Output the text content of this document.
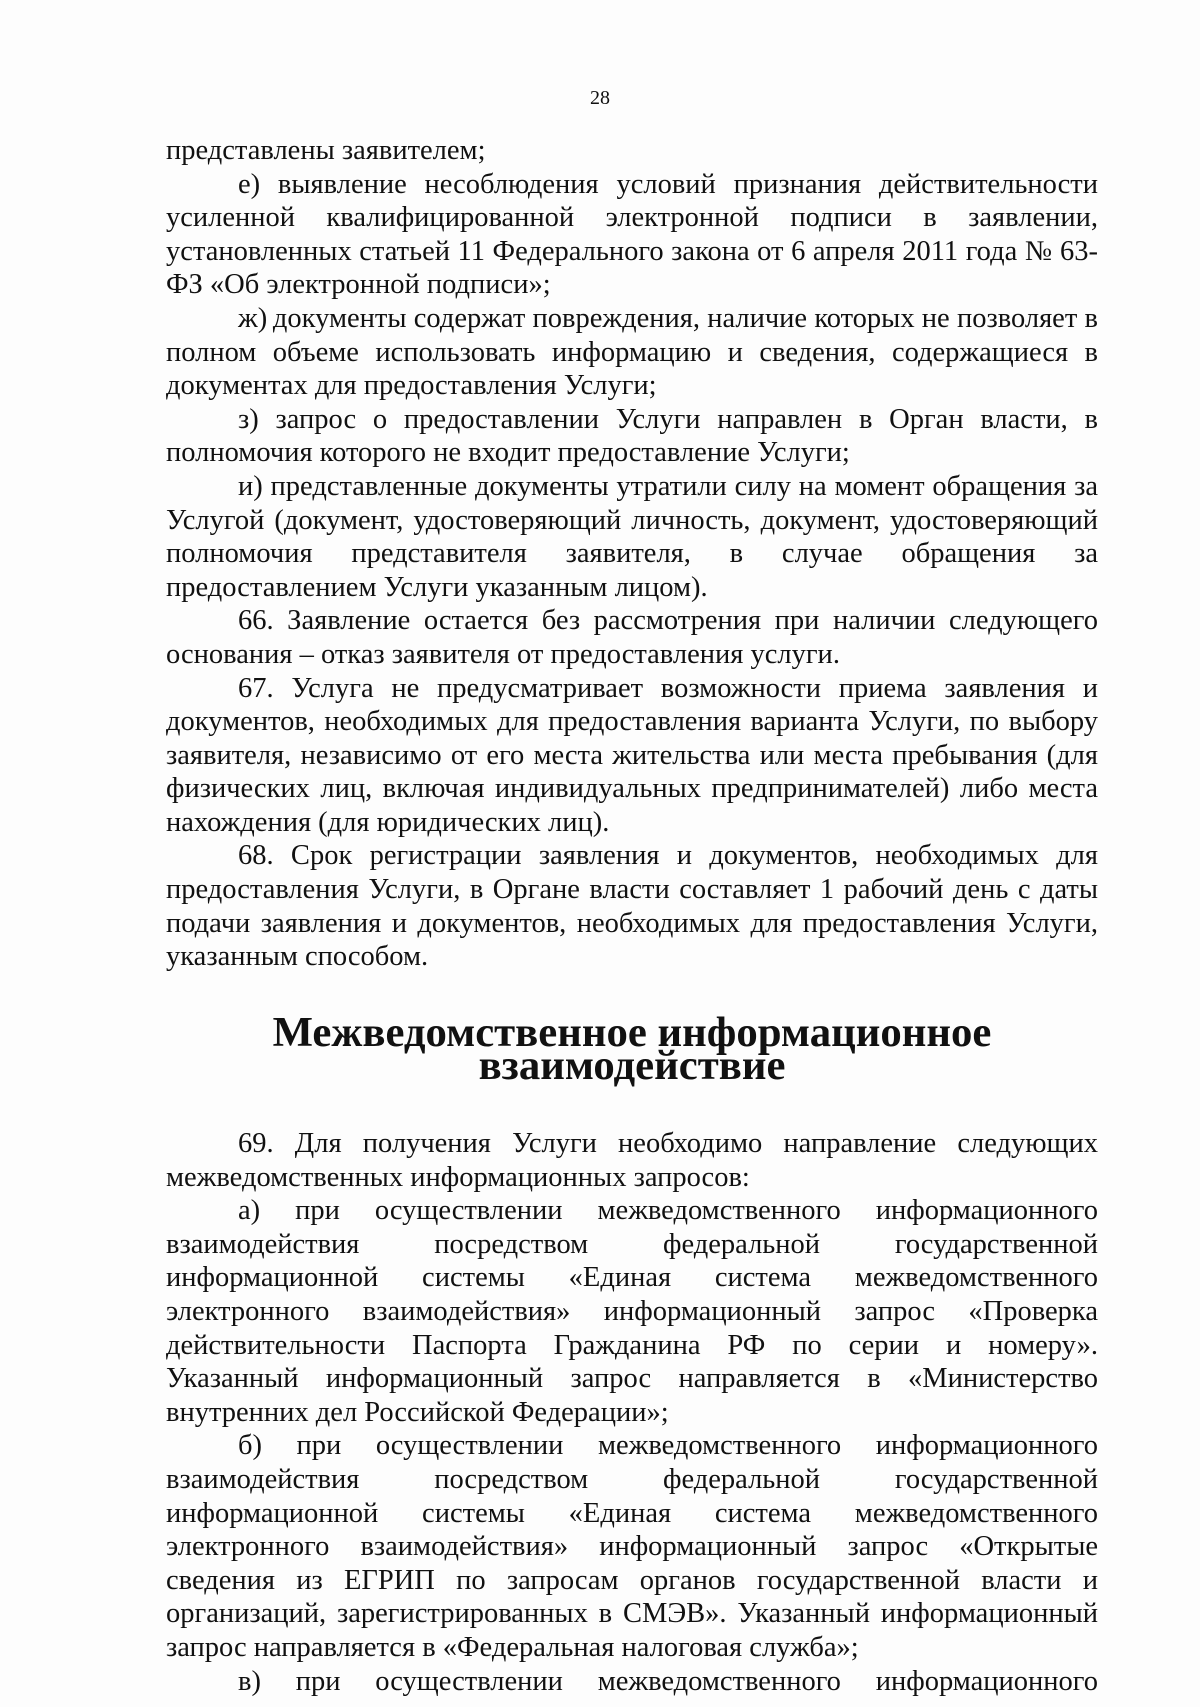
28

представлены заявителем;

е) выявление несоблюдения условий признания действительности усиленной квалифицированной электронной подписи в заявлении, установленных статьей 11 Федерального закона от 6 апреля 2011 года № 63-ФЗ «Об электронной подписи»;

ж) документы содержат повреждения, наличие которых не позволяет в полном объеме использовать информацию и сведения, содержащиеся в документах для предоставления Услуги;

з) запрос о предоставлении Услуги направлен в Орган власти, в полномочия которого не входит предоставление Услуги;

и) представленные документы утратили силу на момент обращения за Услугой (документ, удостоверяющий личность, документ, удостоверяющий полномочия представителя заявителя, в случае обращения за предоставлением Услуги указанным лицом).

66. Заявление остается без рассмотрения при наличии следующего основания – отказ заявителя от предоставления услуги.

67. Услуга не предусматривает возможности приема заявления и документов, необходимых для предоставления варианта Услуги, по выбору заявителя, независимо от его места жительства или места пребывания (для физических лиц, включая индивидуальных предпринимателей) либо места нахождения (для юридических лиц).

68. Срок регистрации заявления и документов, необходимых для предоставления Услуги, в Органе власти составляет 1 рабочий день с даты подачи заявления и документов, необходимых для предоставления Услуги, указанным способом.

Межведомственное информационное взаимодействие

69. Для получения Услуги необходимо направление следующих межведомственных информационных запросов:

а) при осуществлении межведомственного информационного взаимодействия посредством федеральной государственной информационной системы «Единая система межведомственного электронного взаимодействия» информационный запрос «Проверка действительности Паспорта Гражданина РФ по серии и номеру». Указанный информационный запрос направляется в «Министерство внутренних дел Российской Федерации»;

б) при осуществлении межведомственного информационного взаимодействия посредством федеральной государственной информационной системы «Единая система межведомственного электронного взаимодействия» информационный запрос «Открытые сведения из ЕГРИП по запросам органов государственной власти и организаций, зарегистрированных в СМЭВ». Указанный информационный запрос направляется в «Федеральная налоговая служба»;

в) при осуществлении межведомственного информационного
